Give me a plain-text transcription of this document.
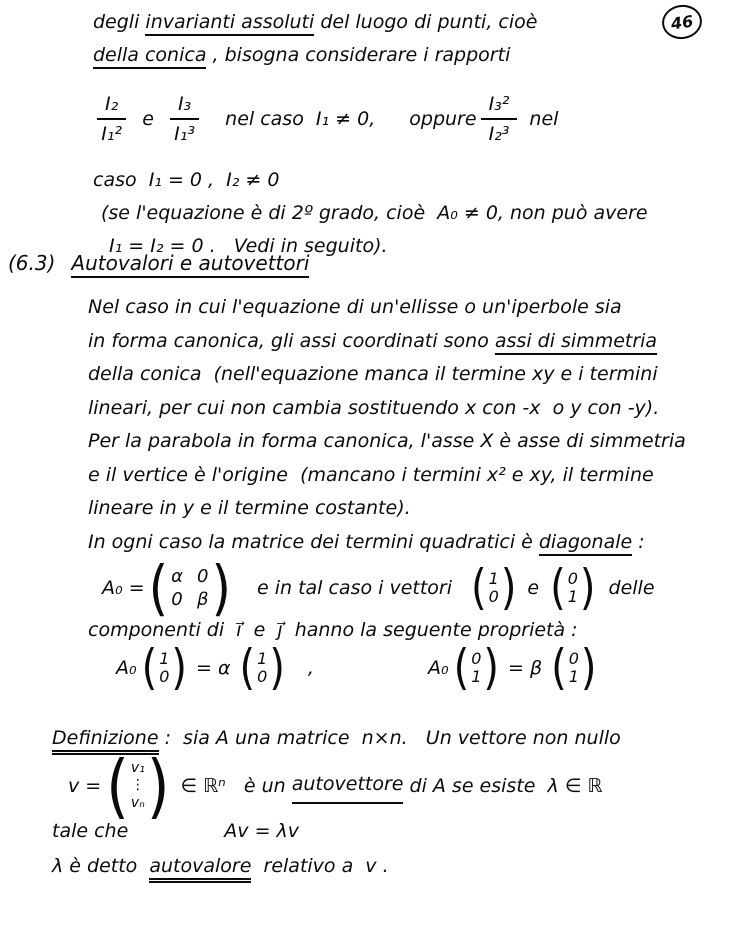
46
degli invarianti assoluti del luogo di punti, cioè
della conica , bisogna considerare i rapporti
$\frac{\text{I₂}}{\text{I₁²}}$ e $\frac{\text{I₃}}{\text{I₁³}}$ nel caso  I₁ ≠ 0, oppure $\frac{\text{I₃²}}{\text{I₂³}}$ nel
caso  I₁ = 0 ,  I₂ ≠ 0
(se l'equazione è di 2º grado, cioè  A₀ ≠ 0, non può avere
I₁ = I₂ = 0 .   Vedi in seguito).
(6.3) Autovalori e autovettori
Nel caso in cui l'equazione di un'ellisse o un'iperbole sia
in forma canonica, gli assi coordinati sono assi di simmetria
della conica  (nell'equazione manca il termine xy e i termini
lineari, per cui non cambia sostituendo x con -x  o y con -y).
Per la parabola in forma canonica, l'asse X è asse di simmetria
e il vertice è l'origine  (mancano i termini x² e xy, il termine
lineare in y e il termine costante).
In ogni caso la matrice dei termini quadratici è diagonale :
A₀ = ( α 0
0 β ) e in tal caso i vettori ( 1
0 ) e ( 0
1 ) delle
componenti di  i⃗  e  j⃗  hanno la seguente proprietà :
A₀ ( 1
0 ) = α ( 1
0 ) ,	A₀ ( 0
1 ) = β ( 0
1 )
Definizione :  sia A una matrice  n×n.   Un vettore non nullo
v = ( v₁
⋮
vₙ ) ∈ ℝⁿ   è un autovettore di A se esiste  λ ∈ ℝ
tale che	Av = λv
λ è detto  autovalore  relativo a  v .
